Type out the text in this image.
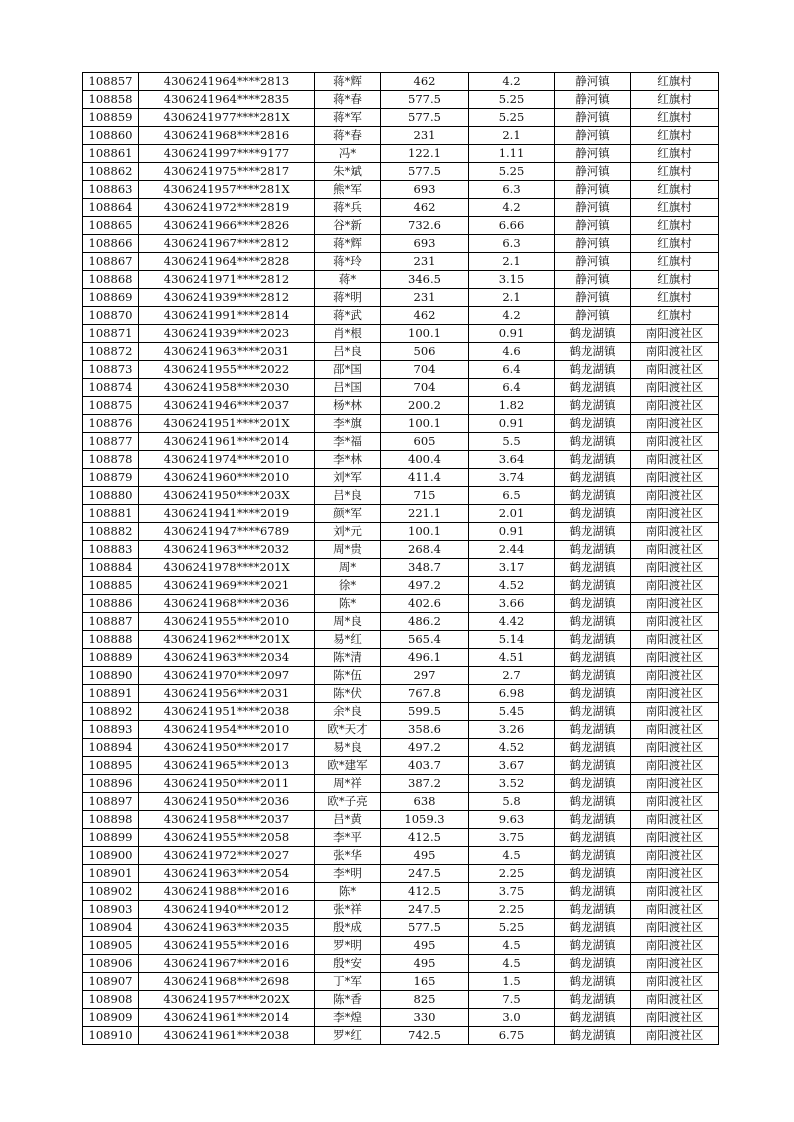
108857	4306241964****2813	蒋*辉	462	4.2	静河镇	红旗村
108858	4306241964****2835	蒋*春	577.5	5.25	静河镇	红旗村
108859	4306241977****281X	蒋*军	577.5	5.25	静河镇	红旗村
108860	4306241968****2816	蒋*春	231	2.1	静河镇	红旗村
108861	4306241997****9177	冯*	122.1	1.11	静河镇	红旗村
108862	4306241975****2817	朱*斌	577.5	5.25	静河镇	红旗村
108863	4306241957****281X	熊*军	693	6.3	静河镇	红旗村
108864	4306241972****2819	蒋*兵	462	4.2	静河镇	红旗村
108865	4306241966****2826	谷*新	732.6	6.66	静河镇	红旗村
108866	4306241967****2812	蒋*辉	693	6.3	静河镇	红旗村
108867	4306241964****2828	蒋*玲	231	2.1	静河镇	红旗村
108868	4306241971****2812	蒋*	346.5	3.15	静河镇	红旗村
108869	4306241939****2812	蒋*明	231	2.1	静河镇	红旗村
108870	4306241991****2814	蒋*武	462	4.2	静河镇	红旗村
108871	4306241939****2023	肖*根	100.1	0.91	鹤龙湖镇	南阳渡社区
108872	4306241963****2031	吕*良	506	4.6	鹤龙湖镇	南阳渡社区
108873	4306241955****2022	邵*国	704	6.4	鹤龙湖镇	南阳渡社区
108874	4306241958****2030	吕*国	704	6.4	鹤龙湖镇	南阳渡社区
108875	4306241946****2037	杨*林	200.2	1.82	鹤龙湖镇	南阳渡社区
108876	4306241951****201X	李*旗	100.1	0.91	鹤龙湖镇	南阳渡社区
108877	4306241961****2014	李*福	605	5.5	鹤龙湖镇	南阳渡社区
108878	4306241974****2010	李*林	400.4	3.64	鹤龙湖镇	南阳渡社区
108879	4306241960****2010	刘*军	411.4	3.74	鹤龙湖镇	南阳渡社区
108880	4306241950****203X	吕*良	715	6.5	鹤龙湖镇	南阳渡社区
108881	4306241941****2019	颜*军	221.1	2.01	鹤龙湖镇	南阳渡社区
108882	4306241947****6789	刘*元	100.1	0.91	鹤龙湖镇	南阳渡社区
108883	4306241963****2032	周*贵	268.4	2.44	鹤龙湖镇	南阳渡社区
108884	4306241978****201X	周*	348.7	3.17	鹤龙湖镇	南阳渡社区
108885	4306241969****2021	徐*	497.2	4.52	鹤龙湖镇	南阳渡社区
108886	4306241968****2036	陈*	402.6	3.66	鹤龙湖镇	南阳渡社区
108887	4306241955****2010	周*良	486.2	4.42	鹤龙湖镇	南阳渡社区
108888	4306241962****201X	易*红	565.4	5.14	鹤龙湖镇	南阳渡社区
108889	4306241963****2034	陈*清	496.1	4.51	鹤龙湖镇	南阳渡社区
108890	4306241970****2097	陈*伍	297	2.7	鹤龙湖镇	南阳渡社区
108891	4306241956****2031	陈*伏	767.8	6.98	鹤龙湖镇	南阳渡社区
108892	4306241951****2038	余*良	599.5	5.45	鹤龙湖镇	南阳渡社区
108893	4306241954****2010	欧*天才	358.6	3.26	鹤龙湖镇	南阳渡社区
108894	4306241950****2017	易*良	497.2	4.52	鹤龙湖镇	南阳渡社区
108895	4306241965****2013	欧*建军	403.7	3.67	鹤龙湖镇	南阳渡社区
108896	4306241950****2011	周*祥	387.2	3.52	鹤龙湖镇	南阳渡社区
108897	4306241950****2036	欧*子亮	638	5.8	鹤龙湖镇	南阳渡社区
108898	4306241958****2037	吕*黄	1059.3	9.63	鹤龙湖镇	南阳渡社区
108899	4306241955****2058	李*平	412.5	3.75	鹤龙湖镇	南阳渡社区
108900	4306241972****2027	张*华	495	4.5	鹤龙湖镇	南阳渡社区
108901	4306241963****2054	李*明	247.5	2.25	鹤龙湖镇	南阳渡社区
108902	4306241988****2016	陈*	412.5	3.75	鹤龙湖镇	南阳渡社区
108903	4306241940****2012	张*祥	247.5	2.25	鹤龙湖镇	南阳渡社区
108904	4306241963****2035	殷*成	577.5	5.25	鹤龙湖镇	南阳渡社区
108905	4306241955****2016	罗*明	495	4.5	鹤龙湖镇	南阳渡社区
108906	4306241967****2016	殷*安	495	4.5	鹤龙湖镇	南阳渡社区
108907	4306241968****2698	丁*军	165	1.5	鹤龙湖镇	南阳渡社区
108908	4306241957****202X	陈*香	825	7.5	鹤龙湖镇	南阳渡社区
108909	4306241961****2014	李*煌	330	3.0	鹤龙湖镇	南阳渡社区
108910	4306241961****2038	罗*红	742.5	6.75	鹤龙湖镇	南阳渡社区
